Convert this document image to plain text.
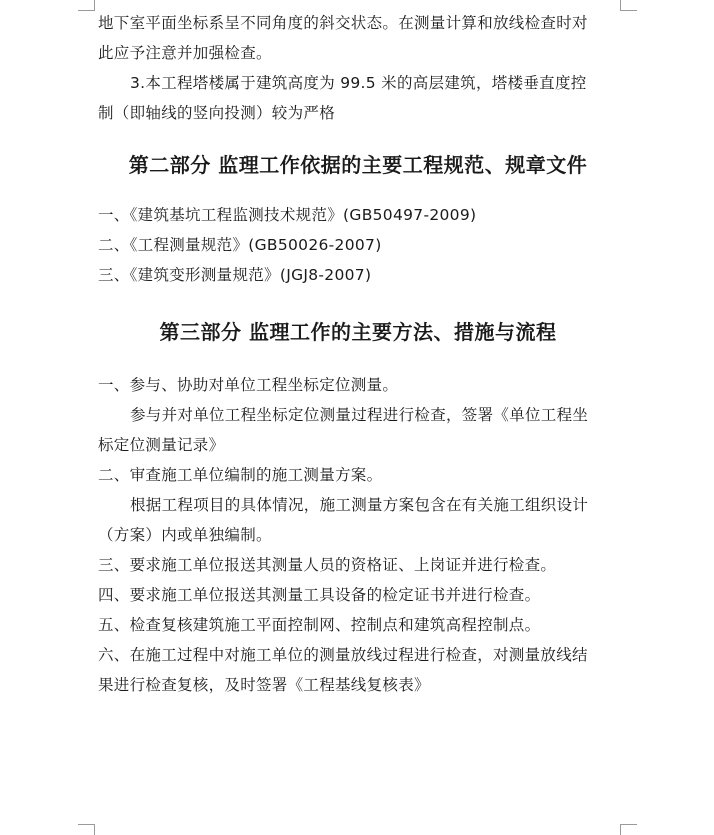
地下室平面坐标系呈不同角度的斜交状态。在测量计算和放线检查时对
此应予注意并加强检查。
3.本工程塔楼属于建筑高度为 99.5 米的高层建筑，塔楼垂直度控
制（即轴线的竖向投测）较为严格
第二部分 监理工作依据的主要工程规范、规章文件
一、《建筑基坑工程监测技术规范》(GB50497-2009)
二、《工程测量规范》(GB50026-2007)
三、《建筑变形测量规范》(JGJ8-2007)
第三部分 监理工作的主要方法、措施与流程
一、参与、协助对单位工程坐标定位测量。
参与并对单位工程坐标定位测量过程进行检查，签署《单位工程坐
标定位测量记录》
二、审查施工单位编制的施工测量方案。
根据工程项目的具体情况，施工测量方案包含在有关施工组织设计
（方案）内或单独编制。
三、要求施工单位报送其测量人员的资格证、上岗证并进行检查。
四、要求施工单位报送其测量工具设备的检定证书并进行检查。
五、检查复核建筑施工平面控制网、控制点和建筑高程控制点。
六、在施工过程中对施工单位的测量放线过程进行检查，对测量放线结
果进行检查复核，及时签署《工程基线复核表》
